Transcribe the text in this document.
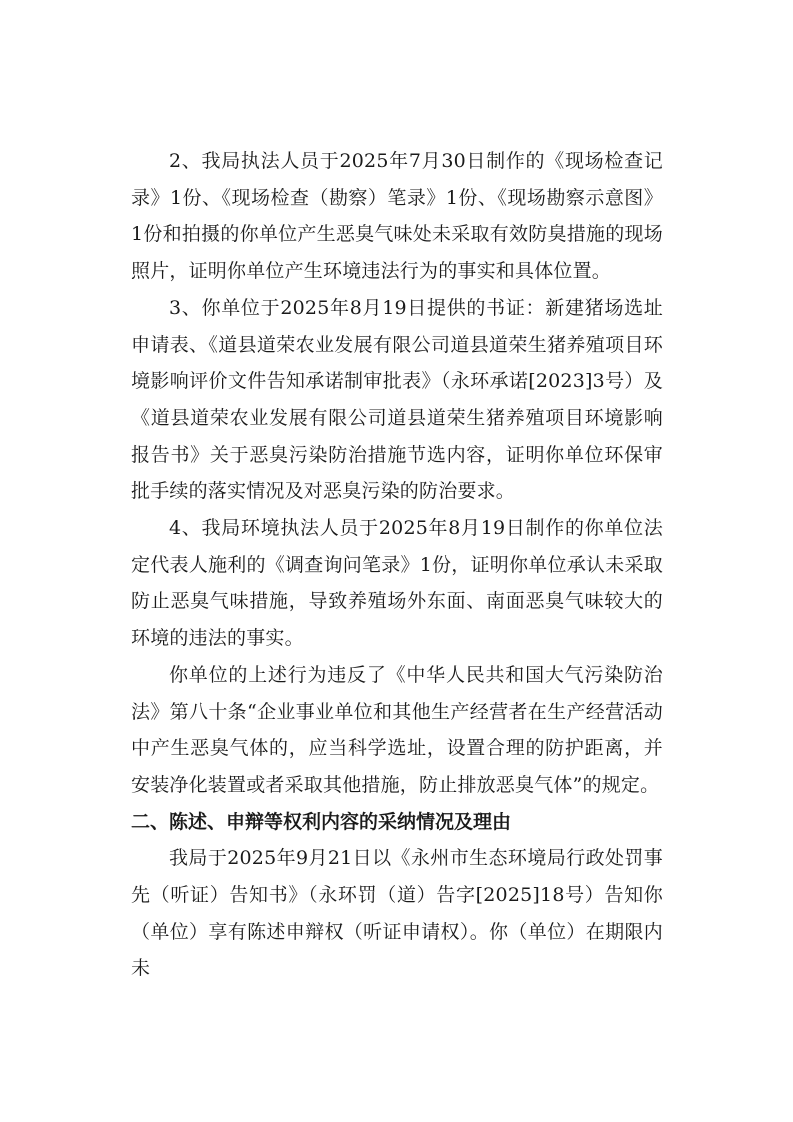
2、我局执法人员于2025年7月30日制作的《现场检查记录》1份、《现场检查（勘察）笔录》1份、《现场勘察示意图》1份和拍摄的你单位产生恶臭气味处未采取有效防臭措施的现场照片，证明你单位产生环境违法行为的事实和具体位置。

3、你单位于2025年8月19日提供的书证：新建猪场选址申请表、《道县道荣农业发展有限公司道县道荣生猪养殖项目环境影响评价文件告知承诺制审批表》（永环承诺[2023]3号）及《道县道荣农业发展有限公司道县道荣生猪养殖项目环境影响报告书》关于恶臭污染防治措施节选内容，证明你单位环保审批手续的落实情况及对恶臭污染的防治要求。

4、我局环境执法人员于2025年8月19日制作的你单位法定代表人施利的《调查询问笔录》1份，证明你单位承认未采取防止恶臭气味措施，导致养殖场外东面、南面恶臭气味较大的环境的违法的事实。

你单位的上述行为违反了《中华人民共和国大气污染防治法》第八十条“企业事业单位和其他生产经营者在生产经营活动中产生恶臭气体的，应当科学选址，设置合理的防护距离，并安装净化装置或者采取其他措施，防止排放恶臭气体”的规定。

二、陈述、申辩等权利内容的采纳情况及理由

我局于2025年9月21日以《永州市生态环境局行政处罚事先（听证）告知书》（永环罚（道）告字[2025]18号）告知你（单位）享有陈述申辩权（听证申请权）。你（单位）在期限内未
